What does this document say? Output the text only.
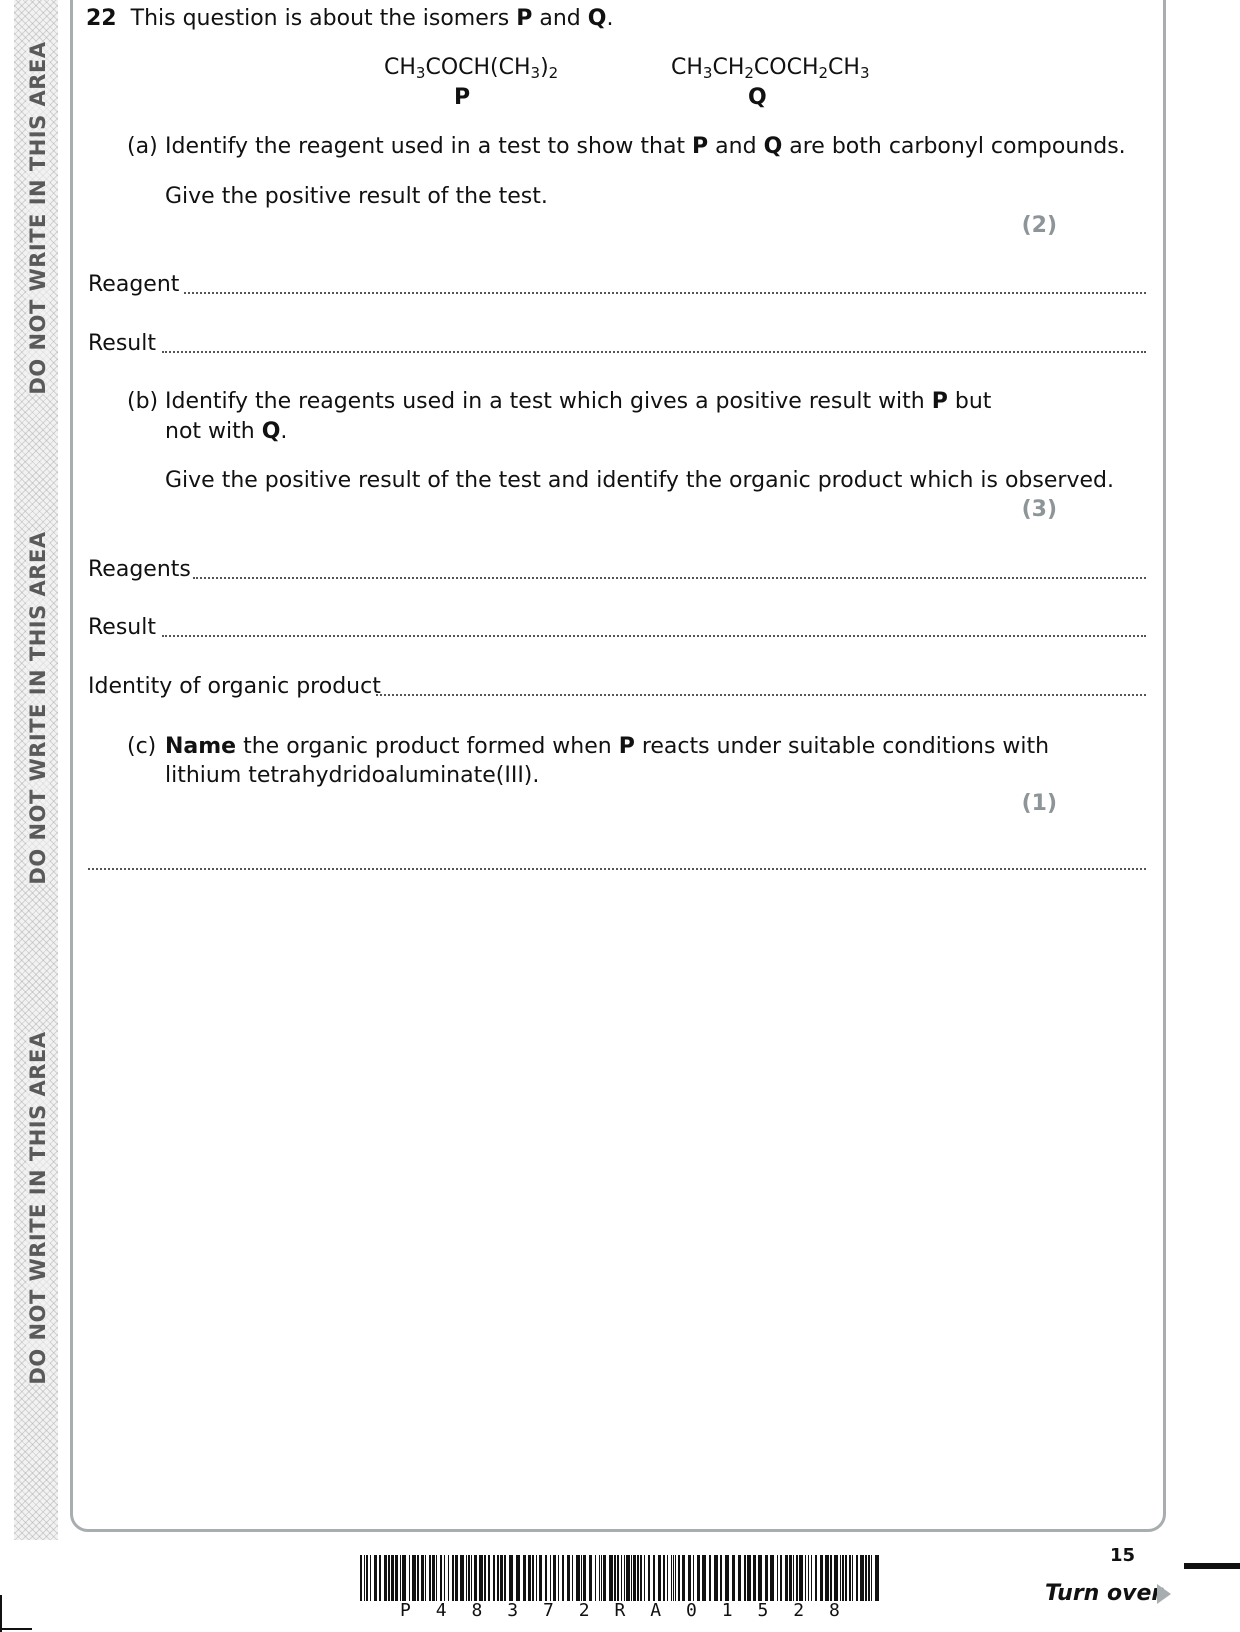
DO NOT WRITE IN THIS AREA
DO NOT WRITE IN THIS AREA
DO NOT WRITE IN THIS AREA
22 This question is about the isomers P and Q.
$CH_3COCH(CH_3)_2$
P
$CH_3CH_2COCH_2CH_3$
Q
(a) Identify the reagent used in a test to show that P and Q are both carbonyl compounds.
Give the positive result of the test.
(2)
Reagent
Result
(b) Identify the reagents used in a test which gives a positive result with P but
not with Q.
Give the positive result of the test and identify the organic product which is observed.
(3)
Reagents
Result
Identity of organic product
(c) Name the organic product formed when P reacts under suitable conditions with
lithium tetrahydridoaluminate(III).
(1)
P 4 8 3 7 2 R A 0 1 5 2 8
15
Turn over
